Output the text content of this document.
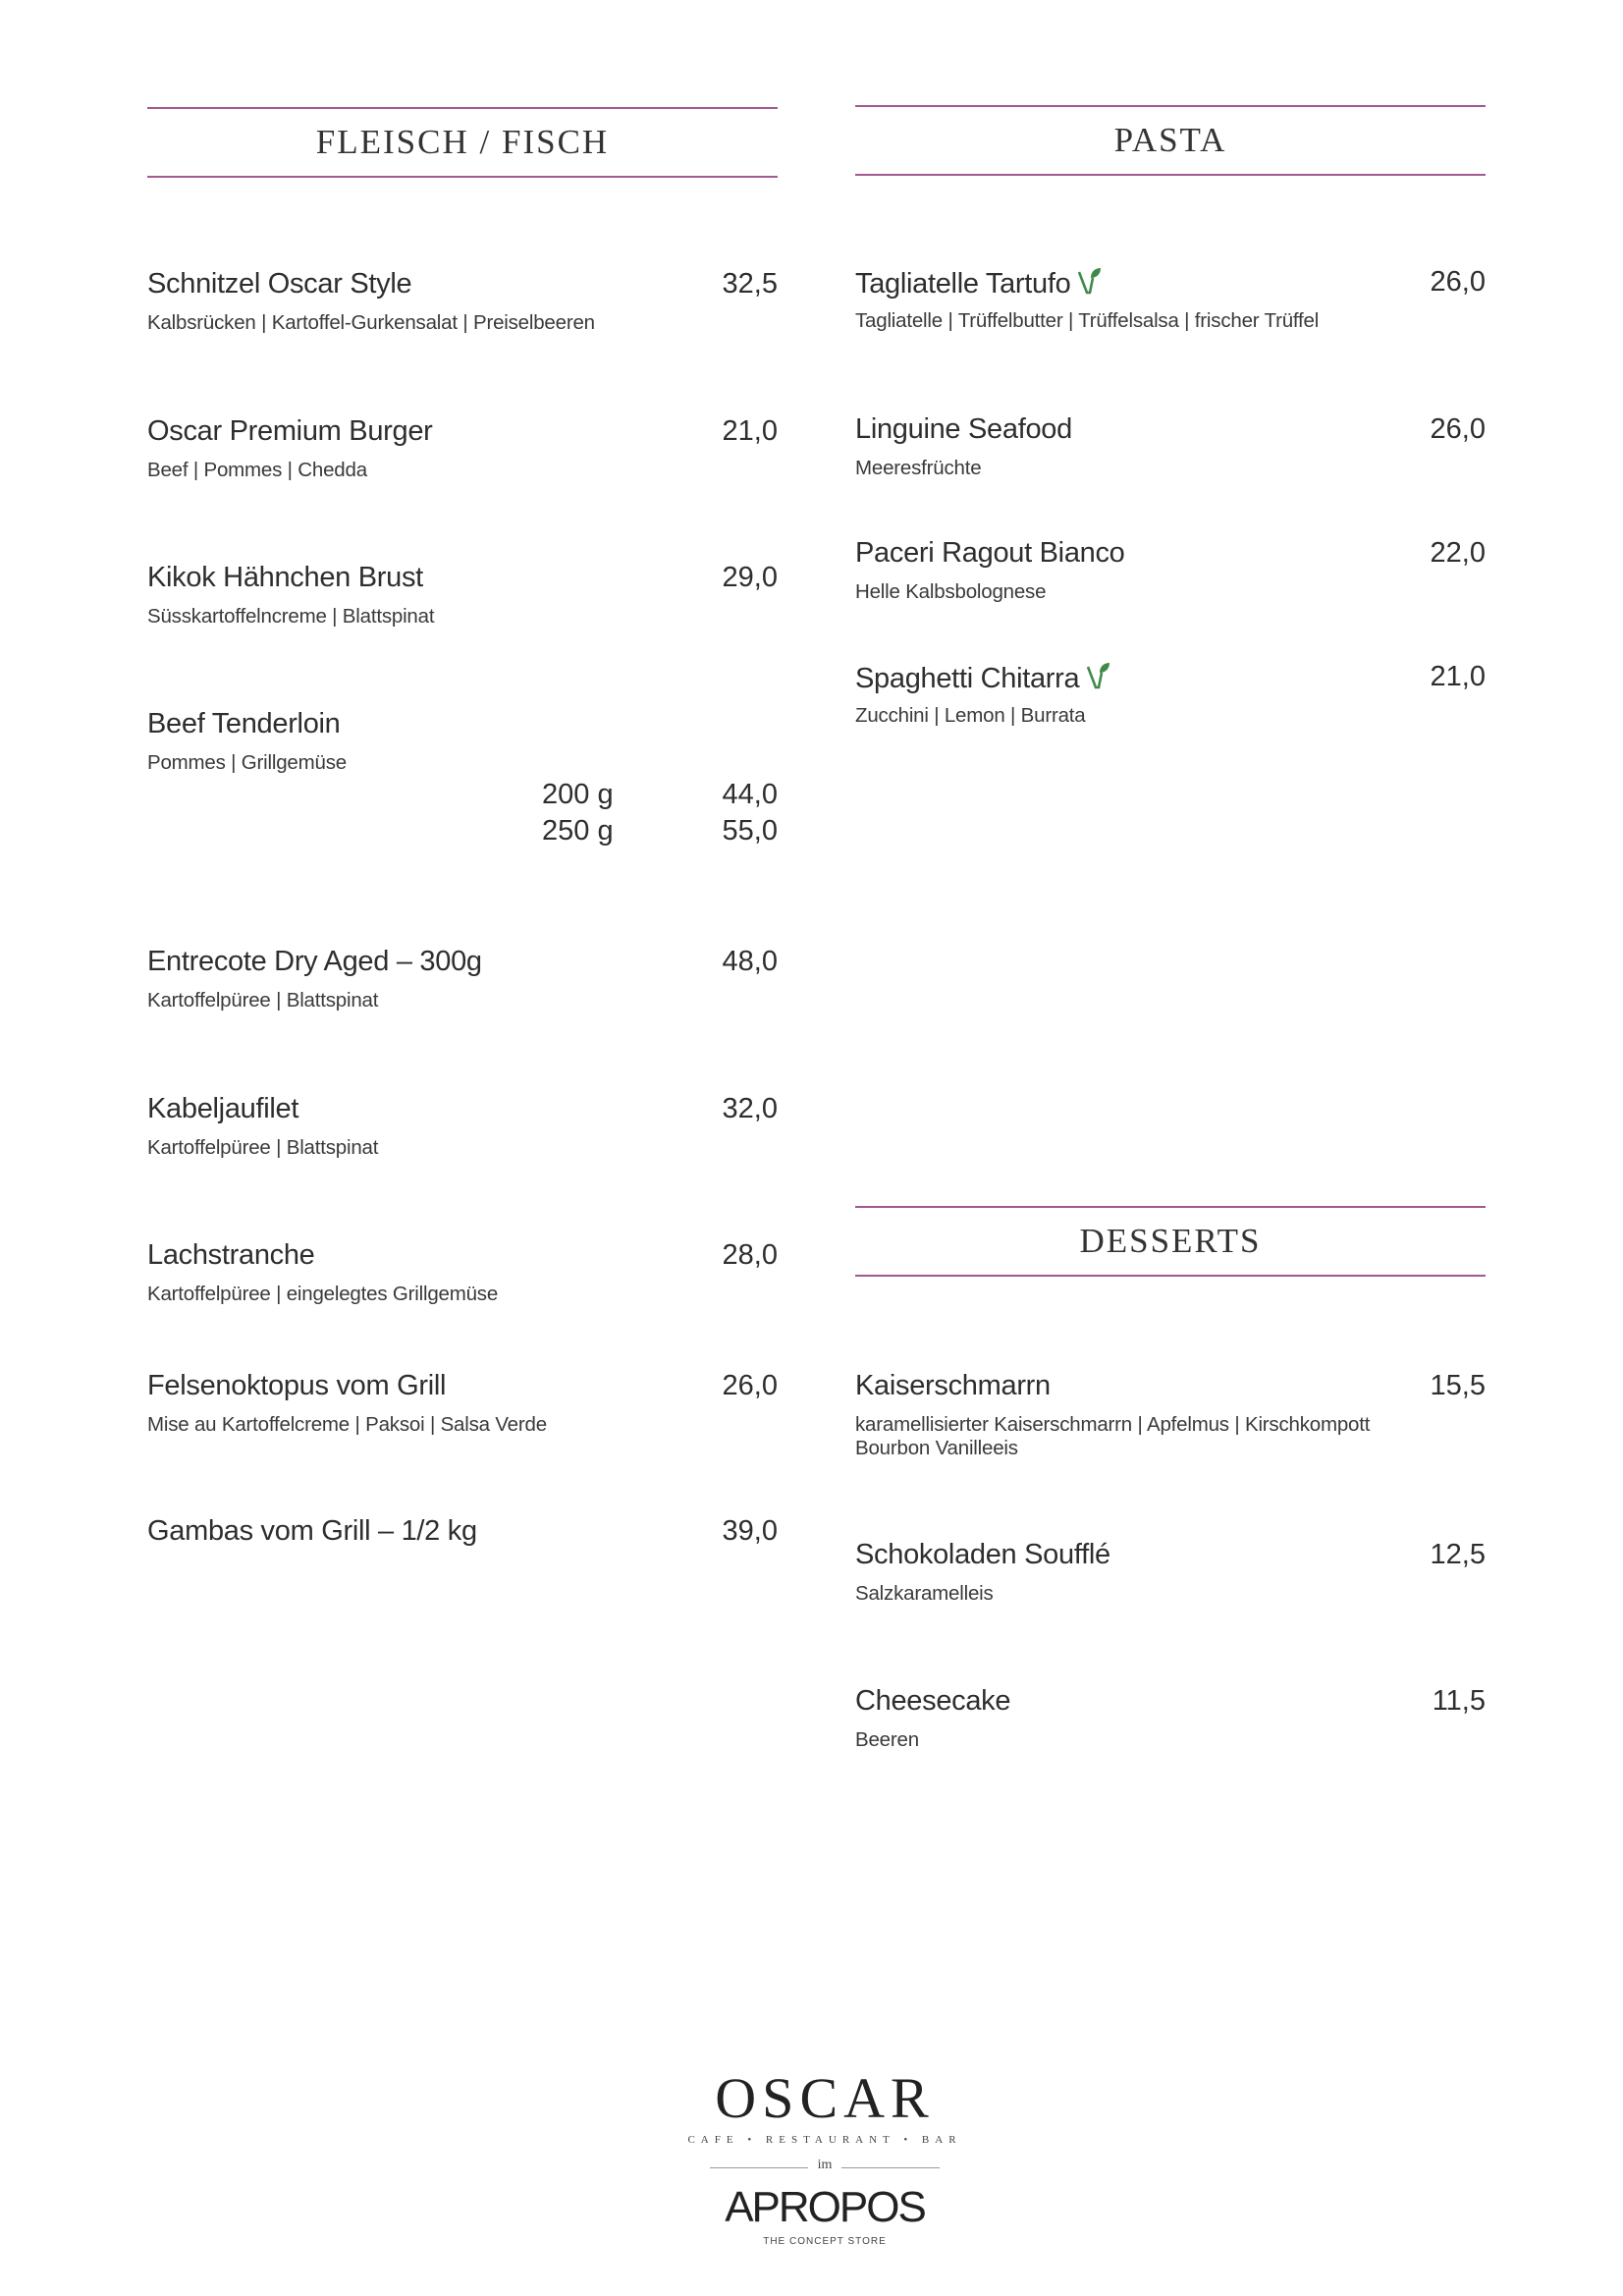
FLEISCH / FISCH
Schnitzel Oscar Style	32,5
Kalbsrücken | Kartoffel-Gurkensalat | Preiselbeeren
Oscar Premium Burger	21,0
Beef | Pommes | Chedda
Kikok Hähnchen Brust	29,0
Süsskartoffelncreme | Blattspinat
Beef Tenderloin
Pommes | Grillgemüse
200 g	44,0
250 g	55,0
Entrecote Dry Aged – 300g	48,0
Kartoffelpüree | Blattspinat
Kabeljaufilet	32,0
Kartoffelpüree | Blattspinat
Lachstranche	28,0
Kartoffelpüree | eingelegtes Grillgemüse
Felsenoktopus vom Grill	26,0
Mise au Kartoffelcreme | Paksoi | Salsa Verde
Gambas vom Grill – 1/2 kg	39,0
PASTA
Tagliatelle Tartufo	26,0
Tagliatelle | Trüffelbutter | Trüffelsalsa | frischer Trüffel
Linguine Seafood	26,0
Meeresfrüchte
Paceri Ragout Bianco	22,0
Helle Kalbsbolognese
Spaghetti Chitarra	21,0
Zucchini | Lemon | Burrata
DESSERTS
Kaiserschmarrn	15,5
karamellisierter Kaiserschmarrn | Apfelmus | Kirschkompott
Bourbon Vanilleeis
Schokoladen Soufflé	12,5
Salzkaramelleis
Cheesecake	11,5
Beeren
OSCAR
CAFE • RESTAURANT • BAR
im
APROPOS
THE CONCEPT STORE
